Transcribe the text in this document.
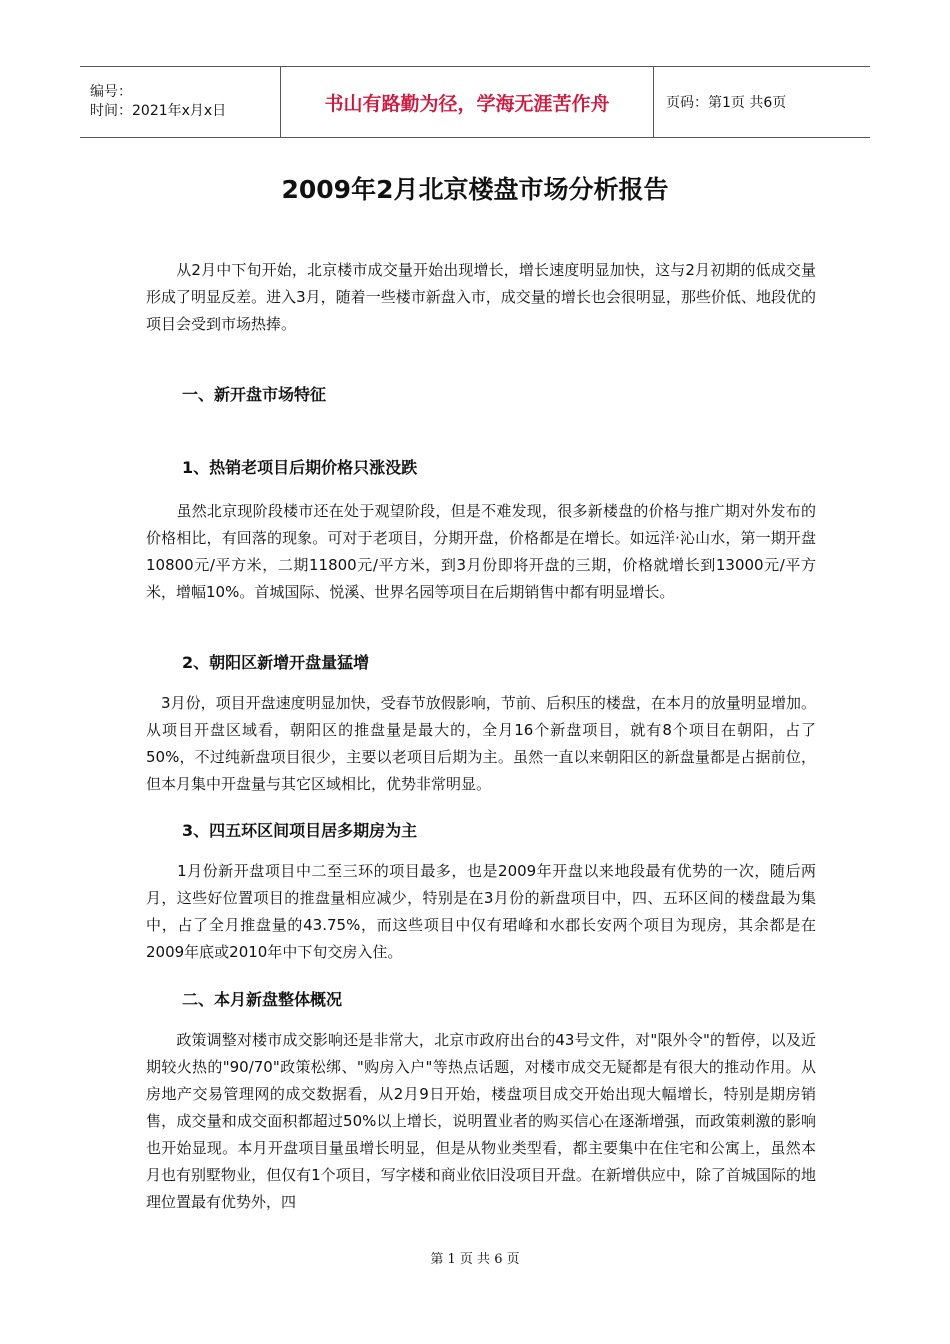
编号：
时间：2021年x月x日	书山有路勤为径，学海无涯苦作舟	页码：第1页 共6页
2009年2月北京楼盘市场分析报告

　　从2月中下旬开始，北京楼市成交量开始出现增长，增长速度明显加快，这与2月初期的低成交量形成了明显反差。进入3月，随着一些楼市新盘入市，成交量的增长也会很明显，那些价低、地段优的项目会受到市场热捧。

一、新开盘市场特征
1、热销老项目后期价格只涨没跌

　　虽然北京现阶段楼市还在处于观望阶段，但是不难发现，很多新楼盘的价格与推广期对外发布的价格相比，有回落的现象。可对于老项目，分期开盘，价格都是在增长。如远洋·沁山水，第一期开盘10800元/平方米，二期11800元/平方米，到3月份即将开盘的三期，价格就增长到13000元/平方米，增幅10%。首城国际、悦溪、世界名园等项目在后期销售中都有明显增长。

2、朝阳区新增开盘量猛增

　3月份，项目开盘速度明显加快，受春节放假影响，节前、后积压的楼盘，在本月的放量明显增加。从项目开盘区域看，朝阳区的推盘量是最大的，全月16个新盘项目，就有8个项目在朝阳，占了50%，不过纯新盘项目很少，主要以老项目后期为主。虽然一直以来朝阳区的新盘量都是占据前位，但本月集中开盘量与其它区域相比，优势非常明显。

3、四五环区间项目居多期房为主

　　1月份新开盘项目中二至三环的项目最多，也是2009年开盘以来地段最有优势的一次，随后两月，这些好位置项目的推盘量相应减少，特别是在3月份的新盘项目中，四、五环区间的楼盘最为集中，占了全月推盘量的43.75%，而这些项目中仅有珺峰和水郡长安两个项目为现房，其余都是在2009年底或2010年中下旬交房入住。

二、本月新盘整体概况

　　政策调整对楼市成交影响还是非常大，北京市政府出台的43号文件，对"限外令"的暂停，以及近期较火热的"90/70"政策松绑、"购房入户"等热点话题，对楼市成交无疑都是有很大的推动作用。从房地产交易管理网的成交数据看，从2月9日开始，楼盘项目成交开始出现大幅增长，特别是期房销售，成交量和成交面积都超过50%以上增长，说明置业者的购买信心在逐渐增强，而政策刺激的影响也开始显现。本月开盘项目量虽增长明显，但是从物业类型看，都主要集中在住宅和公寓上，虽然本月也有别墅物业，但仅有1个项目，写字楼和商业依旧没项目开盘。在新增供应中，除了首城国际的地理位置最有优势外，四

第 1 页 共 6 页
